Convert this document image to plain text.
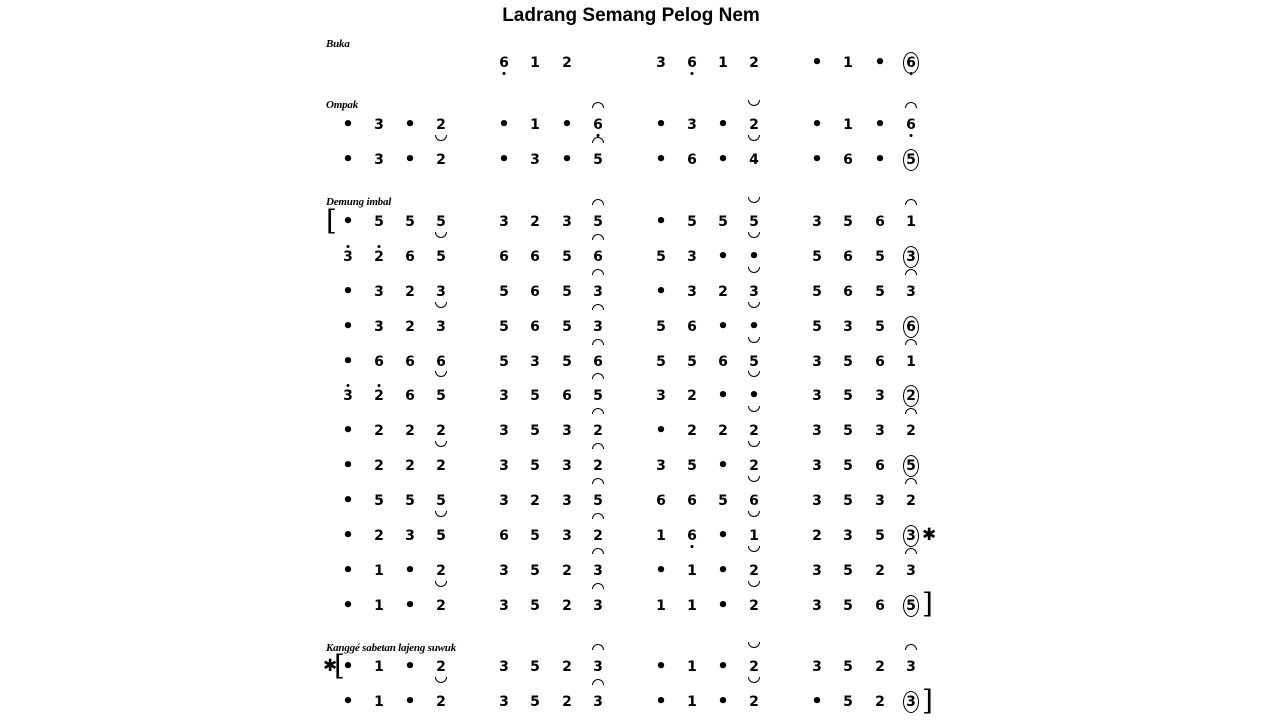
Ladrang Semang Pelog Nem
Buka
6 1 2	3 6 1 2	• 1 • 6
Ompak
• 3 • 2	• 1 • 6	• 3 • 2	• 1 • 6
• 3 • 2	• 3 • 5	• 6 • 4	• 6 • 5
Demung imbal
• 5 5 5	3 2 3 5	• 5 5 5	3 5 6 1
3 2 6 5	6 6 5 6	5 3 • •	5 6 5 3
• 3 2 3	5 6 5 3	• 3 2 3	5 6 5 3
• 3 2 3	5 6 5 3	5 6 • •	5 3 5 6
• 6 6 6	5 3 5 6	5 5 6 5	3 5 6 1
3 2 6 5	3 5 6 5	3 2 • •	3 5 3 2
• 2 2 2	3 5 3 2	• 2 2 2	3 5 3 2
• 2 2 2	3 5 3 2	3 5 • 2	3 5 6 5
• 5 5 5	3 2 3 5	6 6 5 6	3 5 3 2
• 2 3 5	6 5 3 2	1 6 • 1	2 3 5 3
• 1 • 2	3 5 2 3	• 1 • 2	3 5 2 3
• 1 • 2	3 5 2 3	1 1 • 2	3 5 6 5
Kanggé sabetan lajeng suwuk
• 1 • 2	3 5 2 3	• 1 • 2	3 5 2 3
• 1 • 2	3 5 2 3	• 1 • 2	• 5 2 3
[
]
✱
✱
[
]
